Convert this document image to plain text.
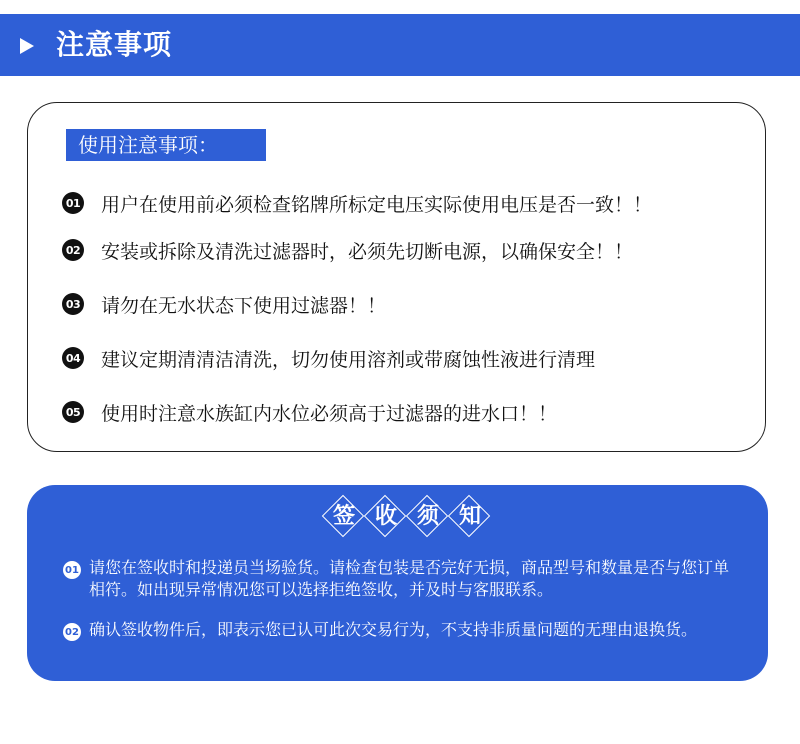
注意事项
使用注意事项：
01 用户在使用前必须检查铭牌所标定电压实际使用电压是否一致！！
02 安装或拆除及清洗过滤器时，必须先切断电源，以确保安全！！
03 请勿在无水状态下使用过滤器！！
04 建议定期清清洁清洗，切勿使用溶剂或带腐蚀性液进行清理
05 使用时注意水族缸内水位必须高于过滤器的进水口！！
签 收 须 知
01 请您在签收时和投递员当场验货。请检查包装是否完好无损，商品型号和数量是否与您订单相符。如出现异常情况您可以选择拒绝签收，并及时与客服联系。
02 确认签收物件后，即表示您已认可此次交易行为，不支持非质量问题的无理由退换货。
